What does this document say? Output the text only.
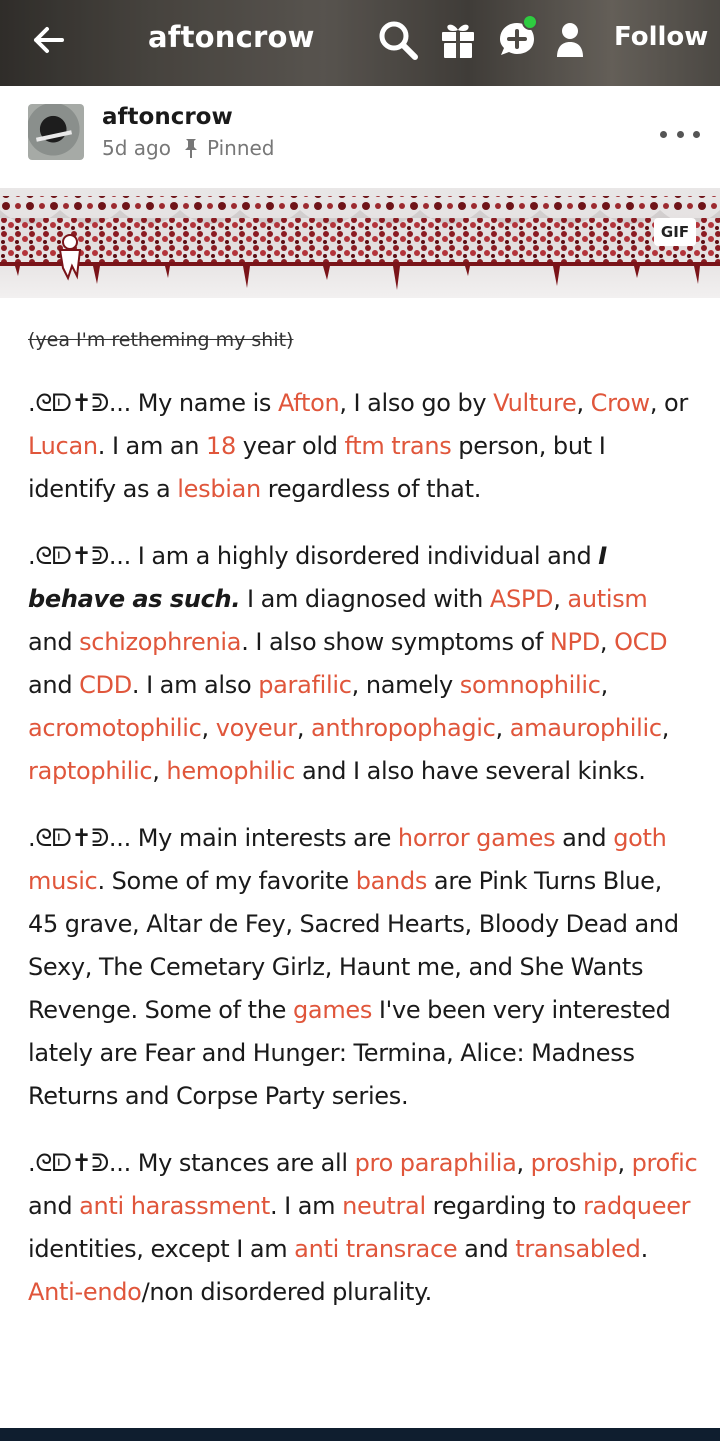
aftoncrow	Follow
aftoncrow
5d ago Pinned
GIF
(yea I'm retheming my shit)
.ᘓᗟ✝ᕲ... My name is Afton, I also go by Vulture, Crow, or Lucan. I am an 18 year old ftm trans person, but I identify as a lesbian regardless of that.
.ᘓᗟ✝ᕲ... I am a highly disordered individual and I behave as such. I am diagnosed with ASPD, autism and schizophrenia. I also show symptoms of NPD, OCD and CDD. I am also parafilic, namely somnophilic, acromotophilic, voyeur, anthropophagic, amaurophilic, raptophilic, hemophilic and I also have several kinks.
.ᘓᗟ✝ᕲ... My main interests are horror games and goth music. Some of my favorite bands are Pink Turns Blue, 45 grave, Altar de Fey, Sacred Hearts, Bloody Dead and Sexy, The Cemetary Girlz, Haunt me, and She Wants Revenge. Some of the games I've been very interested lately are Fear and Hunger: Termina, Alice: Madness Returns and Corpse Party series.
.ᘓᗟ✝ᕲ... My stances are all pro paraphilia, proship, profic and anti harassment. I am neutral regarding to radqueer identities, except I am anti transrace and transabled. Anti-endo/non disordered plurality.
